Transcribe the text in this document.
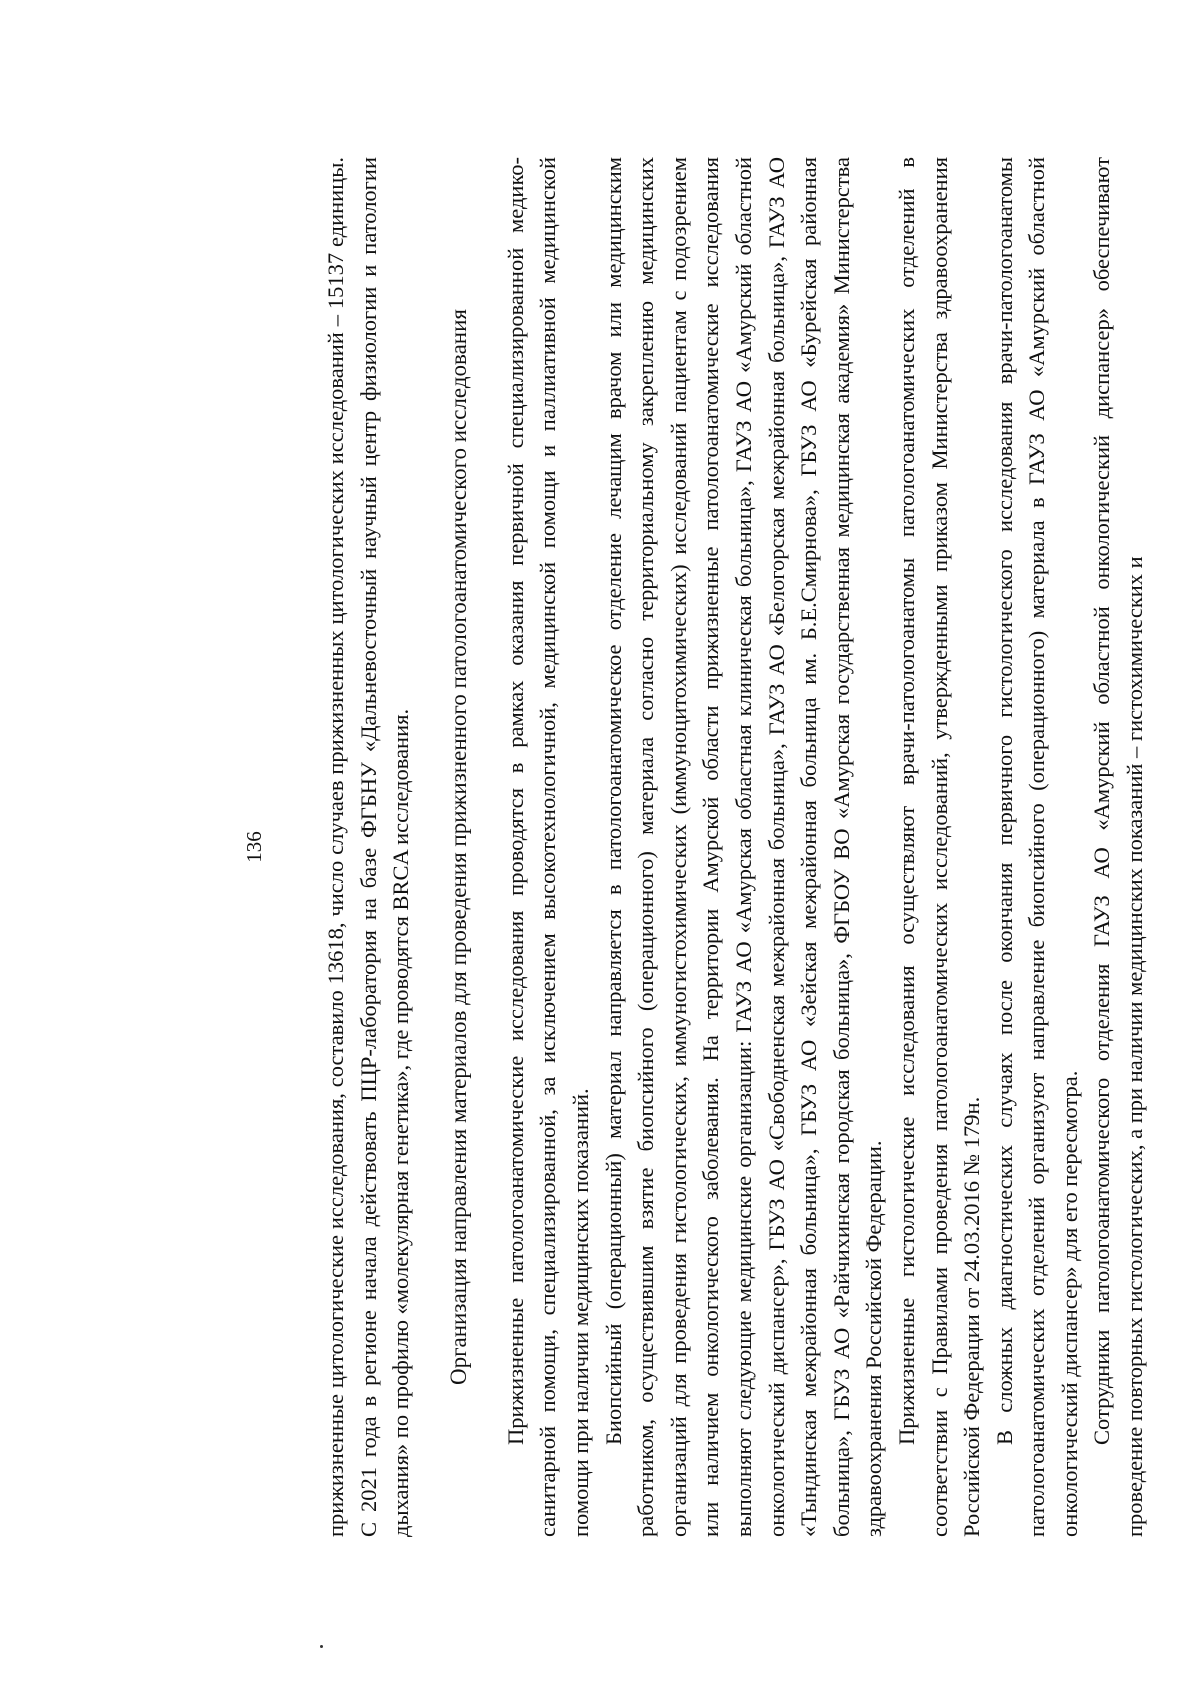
136	прижизненные цитологические исследования, составило 13618, число случаев прижизненных цитологических исследований – 15137 единицы. С 2021 года в регионе начала действовать ПЦР-лаборатория на базе ФГБНУ «Дальневосточный научный центр физиологии и патологии дыхания» по профилю «молекулярная генетика», где проводятся BRCA исследования. Организация направления материалов для проведения прижизненного патологоанатомического исследования Прижизненные патологоанатомические исследования проводятся в рамках оказания первичной специализированной медико-санитарной помощи, специализированной, за исключением высокотехнологичной, медицинской помощи и паллиативной медицинской помощи при наличии медицинских показаний. Биопсийный (операционный) материал направляется в патологоанатомическое отделение лечащим врачом или медицинским работником, осуществившим взятие биопсийного (операционного) материала согласно территориальному закреплению медицинских организаций для проведения гистологических, иммуногистохимических (иммуноцитохимических) исследований пациентам с подозрением или наличием онкологического заболевания. На территории Амурской области прижизненные патологоанатомические исследования выполняют следующие медицинские организации: ГАУЗ АО «Амурская областная клиническая больница», ГАУЗ АО «Амурский областной онкологический диспансер», ГБУЗ АО «Свободненская межрайонная больница», ГАУЗ АО «Белогорская межрайонная больница», ГАУЗ АО «Тындинская межрайонная больница», ГБУЗ АО «Зейская межрайонная больница им. Б.Е.Смирнова», ГБУЗ АО «Бурейская районная больница», ГБУЗ АО «Райчихинская городская больница», ФГБОУ ВО «Амурская государственная медицинская академия» Министерства здравоохранения Российской Федерации. Прижизненные гистологические исследования осуществляют врачи-патологоанатомы патологоанатомических отделений в соответствии с Правилами проведения патологоанатомических исследований, утвержденными приказом Министерства здравоохранения Российской Федерации от 24.03.2016 № 179н. В сложных диагностических случаях после окончания первичного гистологического исследования врачи-патологоанатомы патологоанатомических отделений организуют направление биопсийного (операционного) материала в ГАУЗ АО «Амурский областной онкологический диспансер» для его пересмотра. Сотрудники патологоанатомического отделения ГАУЗ АО «Амурский областной онкологический диспансер» обеспечивают проведение повторных гистологических, а при наличии медицинских показаний – гистохимических и
